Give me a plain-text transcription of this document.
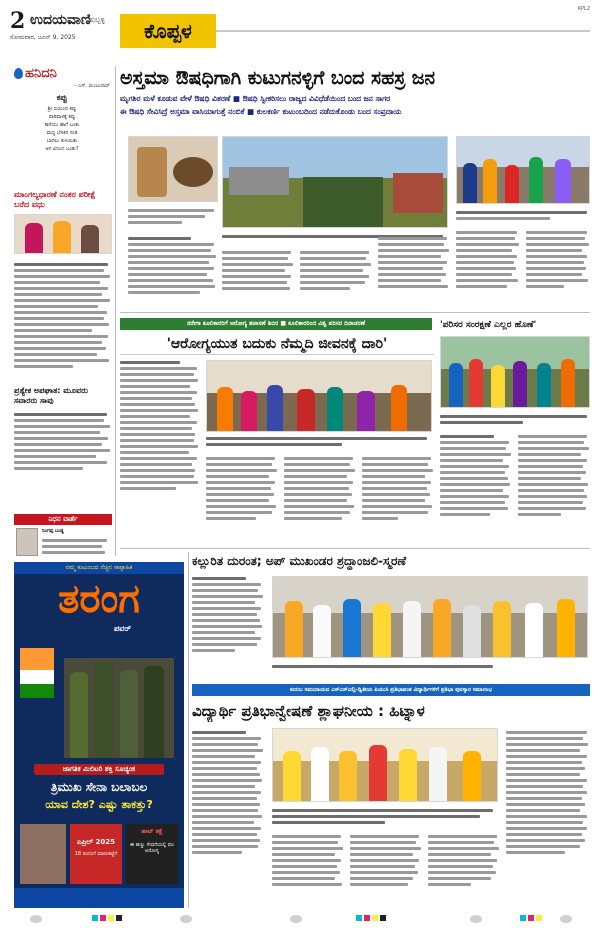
2 ಉದಯವಾಣಿ
ಹುಬ್ಬಳ್ಳಿ
ಸೋಮವಾರ, ಜೂನ್ 9, 2025	ಕೊಪ್ಪಳ
KPL2
ಹನಿದನಿ
- ಎಸ್. ಮಂಜುನಾಥ್
ಕಪ್ಪು
ಶ್ರೀ ಬಿಯಿಂದ ಕಪ್ಪು
ಪಾರಿವಾಳಕ್ಕೆ ಕಪ್ಪು
ಕಾಗೆಯು ಹಾಗೆ ಬಂತು
ಮಧ್ಯ ಬೆಳಕಿನ ಸಂತ
ಬಾಗಿಲು ಕುಸಿಯಿತು
ಆಗ ಏನಿಂದ ಬಂತು?
ಮಾಂಗಲ್ಯಧಾರಣೆ ನಂತರ ಪರೀಕ್ಷೆ ಬರೆದ ವಧು
ಪ್ರತ್ಯೇಕ ಅಪಘಾತ: ಮೂವರು ಸವಾರರು ಸಾವು
ನಿಧನ ವಾರ್ತೆ
ನಿಂಗಪ್ಪ ಬುಡ್ಡ
ಅಸ್ತಮಾ ಔಷಧಿಗಾಗಿ ಕುಟುಗನಳ್ಳಿಗೆ ಬಂದ ಸಹಸ್ರ ಜನ
ಮೃಗಶಿರ ಮಳೆ ಕೂಡುವ ವೇಳೆ ಔಷಧಿ ವಿತರಣೆ ■ ಔಷಧಿ ಸ್ವೀಕರಿಸಲು ರಾಜ್ಯದ ವಿವಿಧೆಡೆಯಿಂದ ಬಂದ ಜನ ಸಾಗರ
ಈ ಔಷಧಿ ಸೇವಿಸಿದ್ರೆ ಅಸ್ತಮಾ ವಾಸಿಯಾಗುತ್ತೆ ನಂಬಿಕೆ ■ ಕುಲಕರ್ಣಿ ಕುಟುಂಬದಿಂದ ನಡೆದುಕೊಂಡು ಬಂದ ಸಂಪ್ರದಾಯ
ನರೇಗಾ ಕೂಲಿಕಾರರಿಗೆ ಆರೋಗ್ಯ ತಪಾಸಣೆ ಶಿಬಿರ ■ ಕೂಲಿಕಾರರಿಂದ ವಿಶ್ವ ಪರಿಸರ ದಿನಾಚರಣೆ
'ಆರೋಗ್ಯಯುತ ಬದುಕು ನೆಮ್ಮದಿ ಜೀವನಕ್ಕೆ ದಾರಿ'
'ಪರಿಸರ ಸಂರಕ್ಷಣೆ ಎಲ್ಲರ ಹೊಣೆ'
ನಮ್ಮ ಕುಟುಂಬದ ನೆಚ್ಚಿನ ಸಾಪ್ತಾಹಿಕ
ತರಂಗ
ಪವರ್
ಜಾಗತಿಕ ಮಿಲಿಟರಿ ಶಕ್ತಿ ಸೂಚ್ಯಂಕ
ತ್ರಿಮುಖ ಸೇನಾ ಬಲಾಬಲ
ಯಾವ ದೇಶ? ಎಷ್ಟು ತಾಕತ್ತು?
ಏಪ್ರಿಲ್ 2025
18 ರಂದಂಗೆ ಮಾರುಕಟ್ಟೆಗೆ
ಹಾಟ್ ತಕ್ಷೆ
ಈ ಹಣ್ಣು ಸೇವನೆಯಲ್ಲಿ ಫಲ ಆರೋಗ್ಯ
ಕಲ್ಲುರಿತ ದುರಂತ; ಅಪ್ ಮುಖಂಡರ ಶ್ರದ್ಧಾಂಜಲಿ-ಸ್ಮರಣೆ
ಕುರುಬ ಸಮುದಾಯದ ಎಸ್ಎಸ್ಎಲ್ಸಿ-ದ್ವಿತೀಯ ಪಿಯುಸಿ ಪ್ರತಿಭಾವಂತ ವಿದ್ಯಾರ್ಥಿಗಳಿಗೆ ಪ್ರತಿಭಾ ಪುರಸ್ಕಾರ ಸಮಾರಂಭ
ವಿದ್ಯಾರ್ಥಿ ಪ್ರತಿಭಾನ್ವೇಷಣೆ ಶ್ಲಾಘನೀಯ : ಹಿಟ್ನಾಳ
